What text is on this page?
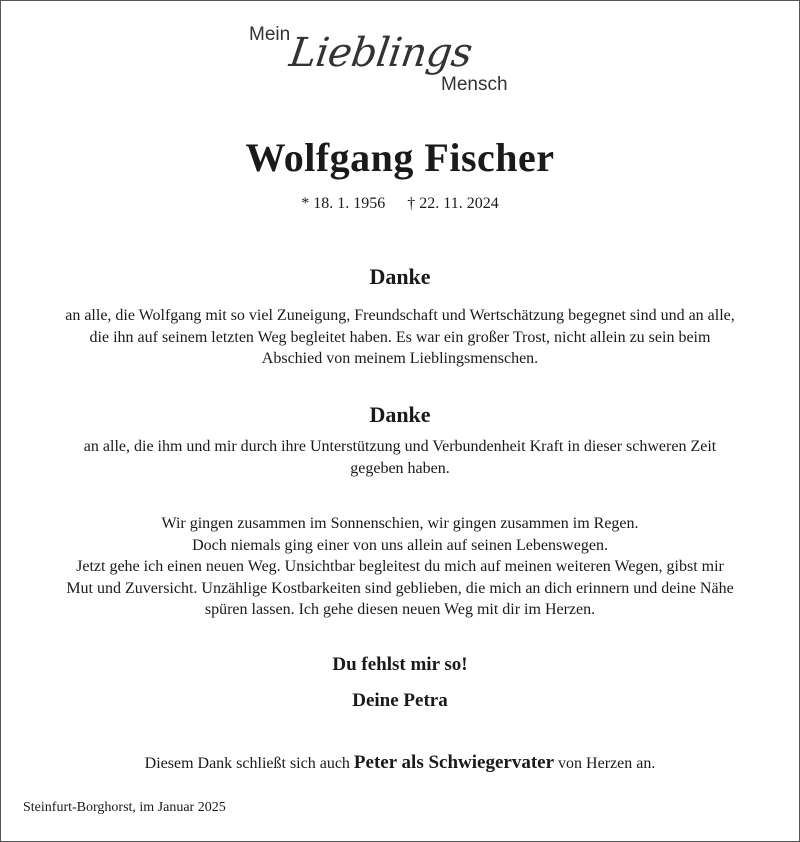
Mein
Lieblings
Mensch
Wolfgang Fischer
* 18. 1. 1956 † 22. 11. 2024
Danke
an alle, die Wolfgang mit so viel Zuneigung, Freundschaft und Wertschätzung begegnet sind und an alle,
die ihn auf seinem letzten Weg begleitet haben. Es war ein großer Trost, nicht allein zu sein beim
Abschied von meinem Lieblingsmenschen.
Danke
an alle, die ihm und mir durch ihre Unterstützung und Verbundenheit Kraft in dieser schweren Zeit
gegeben haben.
Wir gingen zusammen im Sonnenschien, wir gingen zusammen im Regen.
Doch niemals ging einer von uns allein auf seinen Lebenswegen.
Jetzt gehe ich einen neuen Weg. Unsichtbar begleitest du mich auf meinen weiteren Wegen, gibst mir
Mut und Zuversicht. Unzählige Kostbarkeiten sind geblieben, die mich an dich erinnern und deine Nähe
spüren lassen. Ich gehe diesen neuen Weg mit dir im Herzen.
Du fehlst mir so!
Deine Petra
Diesem Dank schließt sich auch Peter als Schwiegervater von Herzen an.
Steinfurt-Borghorst, im Januar 2025
